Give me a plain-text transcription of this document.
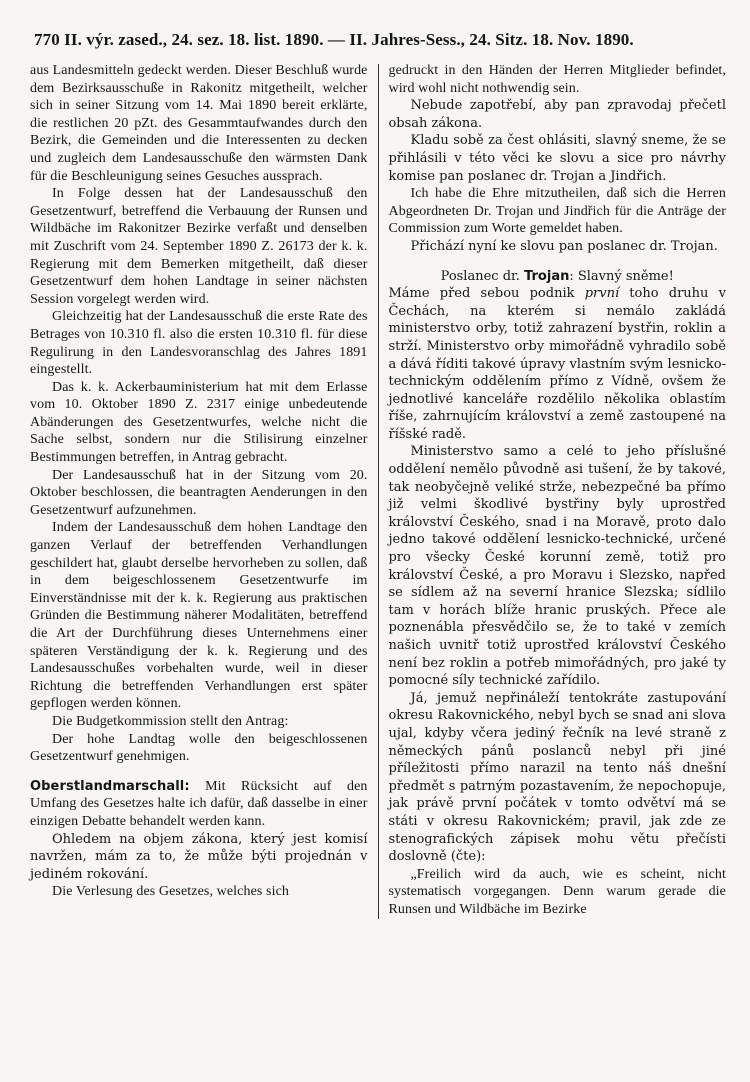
770 II. výr. zased., 24. sez. 18. list. 1890. — II. Jahres-Sess., 24. Sitz. 18. Nov. 1890.

aus Landesmitteln gedeckt werden. Dieser Beschluß wurde dem Bezirksausschuße in Rakonitz mitgetheilt, welcher sich in seiner Sitzung vom 14. Mai 1890 bereit erklärte, die restlichen 20 pZt. des Gesammtaufwandes durch den Bezirk, die Gemeinden und die Interessenten zu decken und zugleich dem Landesausschuße den wärmsten Dank für die Beschleunigung seines Gesuches aussprach.

In Folge dessen hat der Landesausschuß den Gesetzentwurf, betreffend die Verbauung der Runsen und Wildbäche im Rakonitzer Bezirke verfaßt und denselben mit Zuschrift vom 24. September 1890 Z. 26173 der k. k. Regierung mit dem Bemerken mitgetheilt, daß dieser Gesetzentwurf dem hohen Landtage in seiner nächsten Session vorgelegt werden wird.

Gleichzeitig hat der Landesausschuß die erste Rate des Betrages von 10.310 fl. also die ersten 10.310 fl. für diese Regulirung in den Landesvoranschlag des Jahres 1891 eingestellt.

Das k. k. Ackerbauministerium hat mit dem Erlasse vom 10. Oktober 1890 Z. 2317 einige unbedeutende Abänderungen des Gesetzentwurfes, welche nicht die Sache selbst, sondern nur die Stilisirung einzelner Bestimmungen betreffen, in Antrag gebracht.

Der Landesausschuß hat in der Sitzung vom 20. Oktober beschlossen, die beantragten Aenderungen in den Gesetzentwurf aufzunehmen.

Indem der Landesausschuß dem hohen Landtage den ganzen Verlauf der betreffenden Verhandlungen geschildert hat, glaubt derselbe hervorheben zu sollen, daß in dem beigeschlossenem Gesetzentwurfe im Einverständnisse mit der k. k. Regierung aus praktischen Gründen die Bestimmung näherer Modalitäten, betreffend die Art der Durchführung dieses Unternehmens einer späteren Verständigung der k. k. Regierung und des Landesausschußes vorbehalten wurde, weil in dieser Richtung die betreffenden Verhandlungen erst später gepflogen werden können.

Die Budgetkommission stellt den Antrag:

Der hohe Landtag wolle den beigeschlossenen Gesetzentwurf genehmigen.

Oberstlandmarschall: Mit Rücksicht auf den Umfang des Gesetzes halte ich dafür, daß dasselbe in einer einzigen Debatte behandelt werden kann.

Ohledem na objem zákona, který jest komisí navržen, mám za to, že může býti projednán v jediném rokování.

Die Verlesung des Gesetzes, welches sich

gedruckt in den Händen der Herren Mitglieder befindet, wird wohl nicht nothwendig sein.

Nebude zapotřebí, aby pan zpravodaj přečetl obsah zákona.

Kladu sobě za čest ohlásiti, slavný sneme, že se přihlásili v této věci ke slovu a sice pro návrhy komise pan poslanec dr. Trojan a Jindřich.

Ich habe die Ehre mitzutheilen, daß sich die Herren Abgeordneten Dr. Trojan und Jindřich für die Anträge der Commission zum Worte gemeldet haben.

Přichází nyní ke slovu pan poslanec dr. Trojan.

Poslanec dr. Trojan: Slavný sněme!

Máme před sebou podnik první toho druhu v Čechách, na kterém si nemálo zakládá ministerstvo orby, totiž zahrazení bystřin, roklin a strží. Ministerstvo orby mimořádně vyhradilo sobě a dává říditi takové úpravy vlastním svým lesnicko-technickým oddělením přímo z Vídně, ovšem že jednotlivé kanceláře rozdělilo několika oblastím říše, zahrnujícím království a země zastoupené na říšské radě.

Ministerstvo samo a celé to jeho příslušné oddělení nemělo původně asi tušení, že by takové, tak neobyčejně veliké strže, nebezpečné ba přímo již velmi škodlivé bystřiny byly uprostřed království Českého, snad i na Moravě, proto dalo jedno takové oddělení lesnicko-technické, určené pro všecky České korunní země, totiž pro království České, a pro Moravu i Slezsko, napřed se sídlem až na severní hranice Slezska; sídlilo tam v horách blíže hranic pruských. Přece ale poznenábla přesvědčilo se, že to také v zemích našich uvnitř totiž uprostřed království Českého není bez roklin a potřeb mimořádných, pro jaké ty pomocné síly technické zařídilo.

Já, jemuž nepřináleží tentokráte zastupování okresu Rakovnického, nebyl bych se snad ani slova ujal, kdyby včera jediný řečník na levé straně z německých pánů poslanců nebyl při jiné příležitosti přímo narazil na tento náš dnešní předmět s patrným pozastavením, že nepochopuje, jak právě první počátek v tomto odvětví má se státi v okresu Rakovnickém; pravil, jak zde ze stenografických zápisek mohu větu přečísti doslovně (čte):

„Freilich wird da auch, wie es scheint, nicht systematisch vorgegangen. Denn warum gerade die Runsen und Wildbäche im Bezirke
